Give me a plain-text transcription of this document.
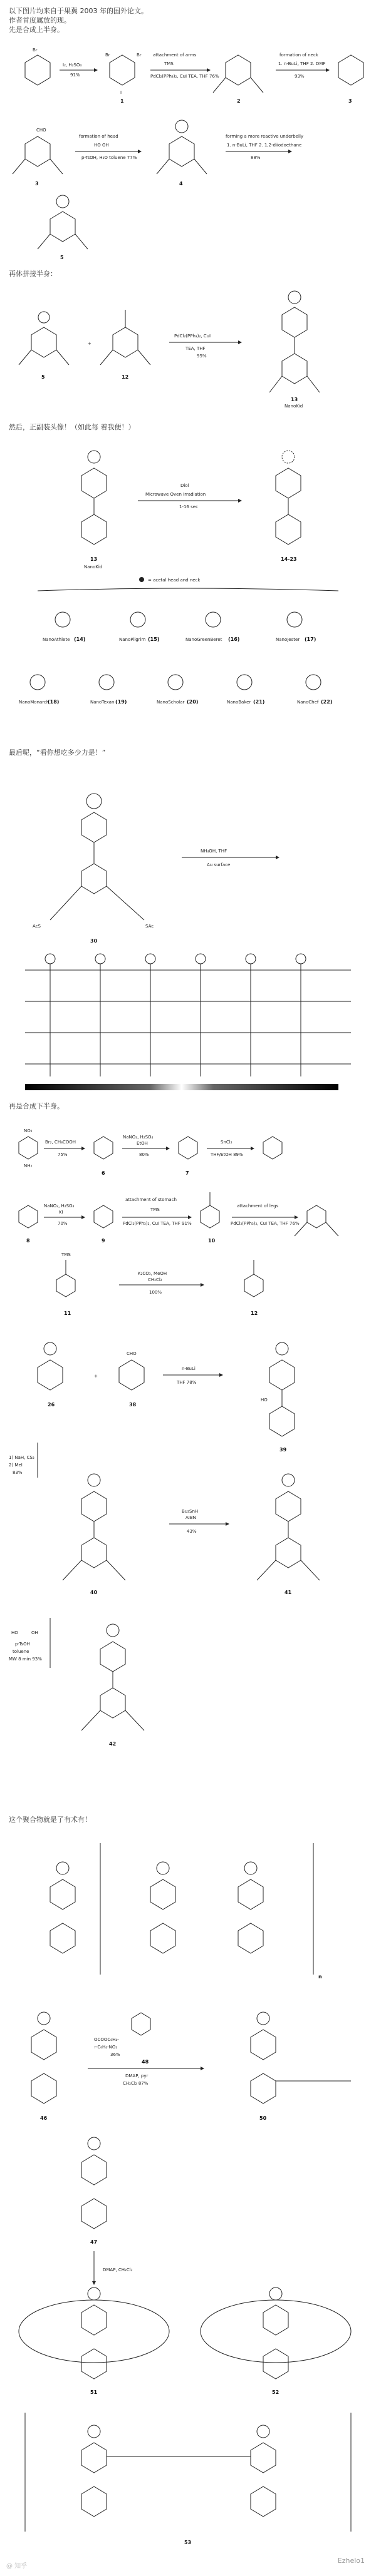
以下图片均来自于果冀 2003 年的国外论文。
作者首度属放的现。
先是合成上半身。
Br
I₂, H₂SO₄
91%
Br	Br
I
1
attachment of arms
TMS
PdCl₂(PPh₃)₂, CuI TEA, THF 76%
2
formation of neck
1. n-BuLi, THF 2. DMF
93%
3
CHO
3
formation of head
HO OH
p-TsOH, H₂O toluene 77%
4
forming a more reactive underbelly
1. n-BuLi, THF 2. 1,2-diiodoethane
88%
5
再体拼接半身：
5
+
12
PdCl₂(PPh₃)₂, CuI
TEA, THF
95%
13
NanoKid
然后，正副装头像！（如此每 着我便！）
13
NanoKid
Diol
Microwave Oven Irradiation
1-16 sec
14-23
= acetal head and neck
NanoAthlete (14)	NanoPilgrim (15)	NanoGreenBeret (16)	NanoJester (17)
NanoMonarch
(18)	NanoTexan (19)	NanoScholar (20)	NanoBaker (21)	NanoChef (22)
最后呢，“看你想吃多少力是！”
AcS	SAc
30
NH₄OH, THF
Au surface
再是合成下半身。
NO₂
NH₂
Br₂, CH₃COOH
75%
6
NaNO₂, H₂SO₄
EtOH
80%
7
SnCl₂
THF/EtOH 89%
8
NaNO₂, H₂SO₄
KI
70%
9
attachment of stomach
TMS
PdCl₂(PPh₃)₂, CuI TEA, THF 91%
10
attachment of legs
PdCl₂(PPh₃)₂, CuI TEA, THF 76%
TMS
11
K₂CO₃, MeOH
CH₂Cl₂
100%
12
26
+
CHO
38
n-BuLi
THF 78%
HO
39
40
Bu₃SnH
AIBN
43%
41
1) NaH, CS₂
2) MeI
83%
HO	OH
p-TsOH
toluene
MW 8 min 93%
42
这个聚合物就是了有术有！
n
46
OCOOC₆H₄-
₇-C₆H₄-NO₂
36%
48
DMAP, pyr
CH₂Cl₂ 87%
50
47
DMAP, CH₂Cl₂
51	52
53
@ 知乎
Ezhelo1
